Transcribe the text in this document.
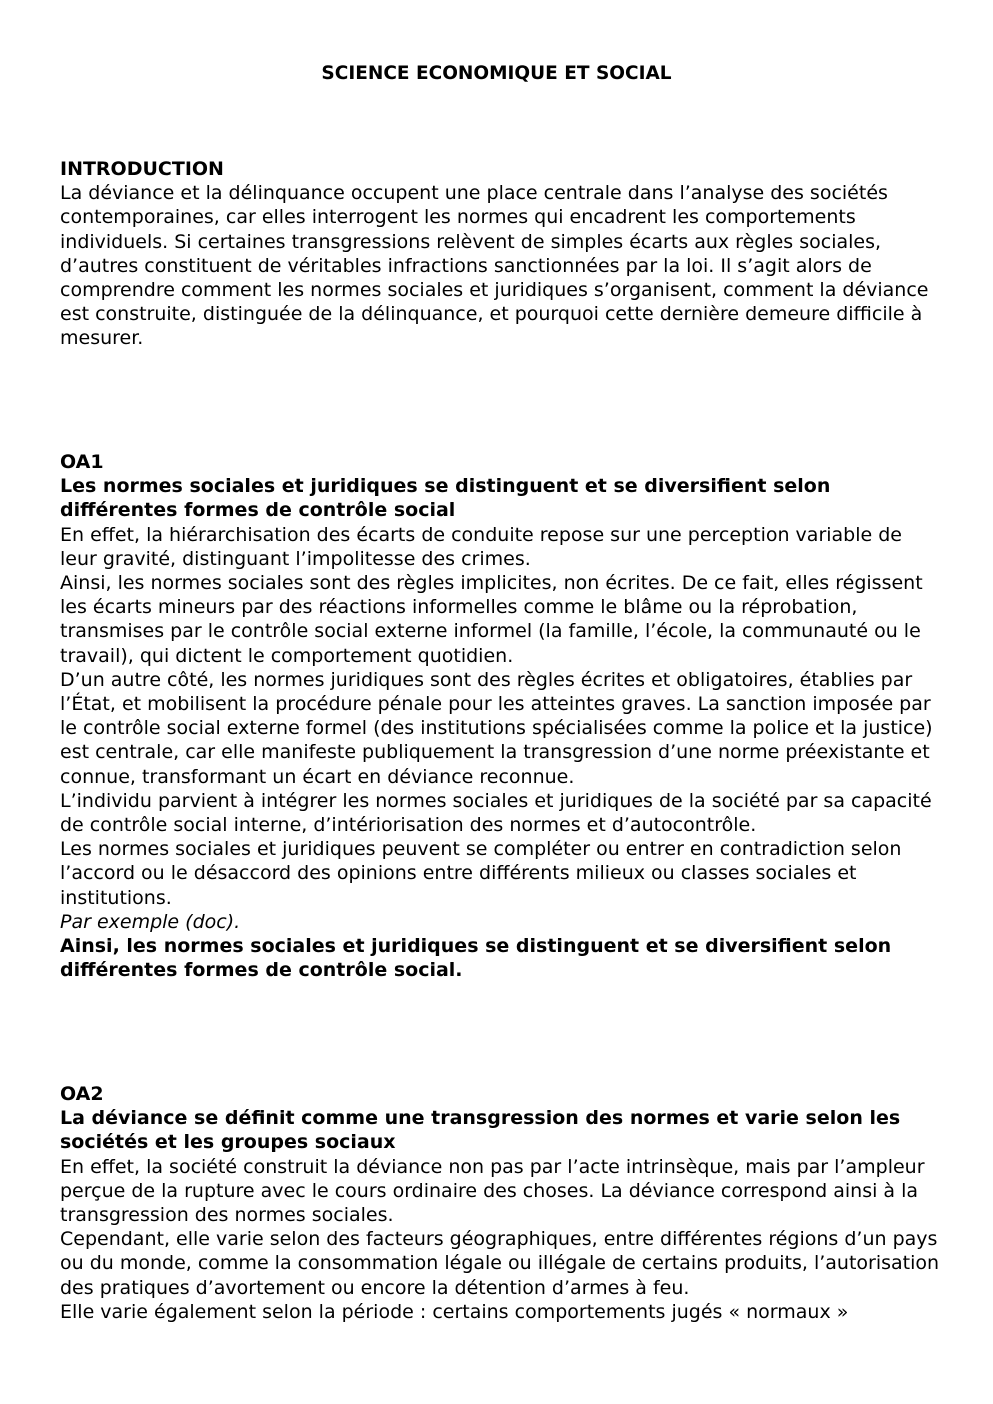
SCIENCE ECONOMIQUE ET SOCIAL

INTRODUCTION

La déviance et la délinquance occupent une place centrale dans l’analyse des sociétés contemporaines, car elles interrogent les normes qui encadrent les comportements individuels. Si certaines transgressions relèvent de simples écarts aux règles sociales, d’autres constituent de véritables infractions sanctionnées par la loi. Il s’agit alors de comprendre comment les normes sociales et juridiques s’organisent, comment la déviance est construite, distinguée de la délinquance, et pourquoi cette dernière demeure difficile à mesurer.

OA1

Les normes sociales et juridiques se distinguent et se diversifient selon différentes formes de contrôle social

En effet, la hiérarchisation des écarts de conduite repose sur une perception variable de leur gravité, distinguant l’impolitesse des crimes.

Ainsi, les normes sociales sont des règles implicites, non écrites. De ce fait, elles régissent les écarts mineurs par des réactions informelles comme le blâme ou la réprobation, transmises par le contrôle social externe informel (la famille, l’école, la communauté ou le travail), qui dictent le comportement quotidien.

D’un autre côté, les normes juridiques sont des règles écrites et obligatoires, établies par l’État, et mobilisent la procédure pénale pour les atteintes graves. La sanction imposée par le contrôle social externe formel (des institutions spécialisées comme la police et la justice) est centrale, car elle manifeste publiquement la transgression d’une norme préexistante et connue, transformant un écart en déviance reconnue.

L’individu parvient à intégrer les normes sociales et juridiques de la société par sa capacité de contrôle social interne, d’intériorisation des normes et d’autocontrôle.

Les normes sociales et juridiques peuvent se compléter ou entrer en contradiction selon l’accord ou le désaccord des opinions entre différents milieux ou classes sociales et institutions.

Par exemple (doc).

Ainsi, les normes sociales et juridiques se distinguent et se diversifient selon différentes formes de contrôle social.

OA2

La déviance se définit comme une transgression des normes et varie selon les sociétés et les groupes sociaux

En effet, la société construit la déviance non pas par l’acte intrinsèque, mais par l’ampleur perçue de la rupture avec le cours ordinaire des choses. La déviance correspond ainsi à la transgression des normes sociales.

Cependant, elle varie selon des facteurs géographiques, entre différentes régions d’un pays ou du monde, comme la consommation légale ou illégale de certains produits, l’autorisation des pratiques d’avortement ou encore la détention d’armes à feu.

Elle varie également selon la période : certains comportements jugés « normaux »
